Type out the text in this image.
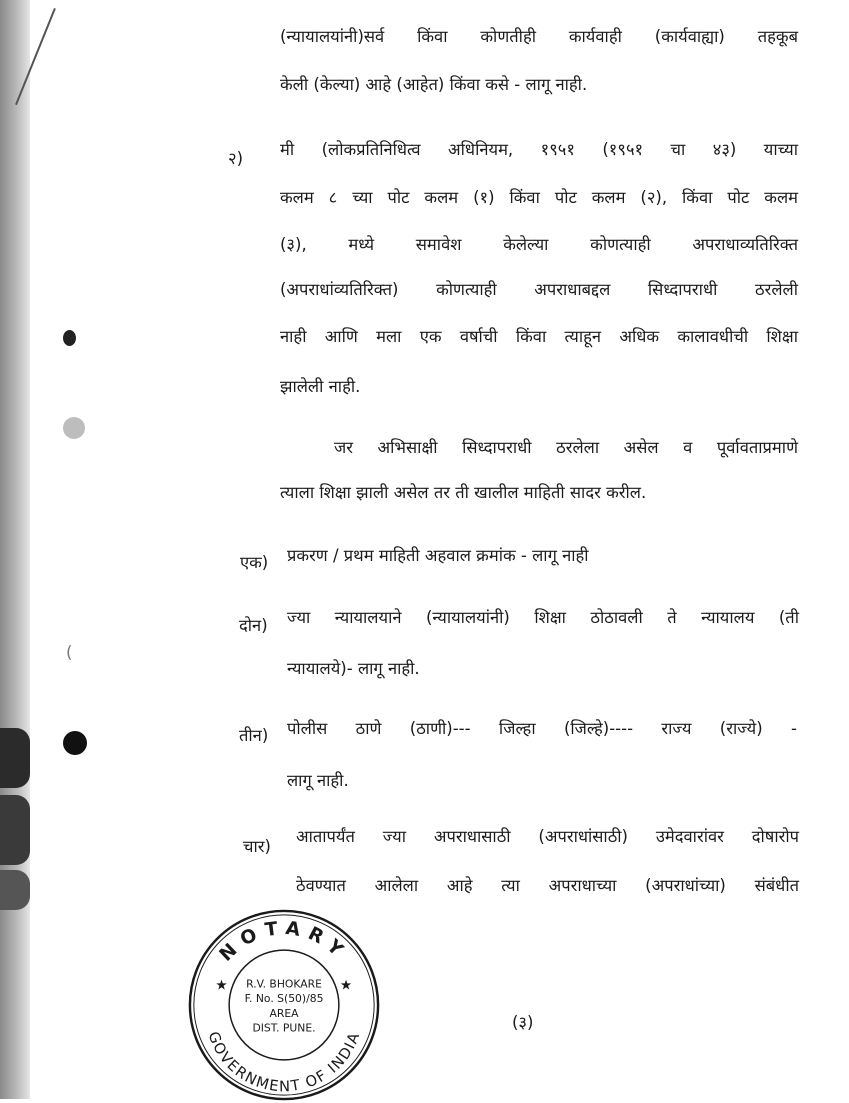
(
(न्यायालयांनी)सर्व किंवा कोणतीही कार्यवाही (कार्यवाह्या) तहकूब
केली (केल्या) आहे (आहेत) किंवा कसे - लागू नाही.
२) मी (लोकप्रतिनिधित्व अधिनियम, १९५१ (१९५१ चा ४३) याच्या
कलम ८ च्या पोट कलम (१) किंवा पोट कलम (२), किंवा पोट कलम
(३), मध्ये समावेश केलेल्या कोणत्याही अपराधाव्यतिरिक्त
(अपराधांव्यतिरिक्त) कोणत्याही अपराधाबद्दल सिध्दापराधी ठरलेली
नाही आणि मला एक वर्षाची किंवा त्याहून अधिक कालावधीची शिक्षा
झालेली नाही.
जर अभिसाक्षी सिध्दापराधी ठरलेला असेल व पूर्वावताप्रमाणे
त्याला शिक्षा झाली असेल तर ती खालील माहिती सादर करील.
एक) प्रकरण / प्रथम माहिती अहवाल क्रमांक - लागू नाही
दोन) ज्या न्यायालयाने (न्यायालयांनी) शिक्षा ठोठावली ते न्यायालय (ती
न्यायालये)- लागू नाही.
तीन) पोलीस ठाणे (ठाणी)--- जिल्हा (जिल्हे)---- राज्य (राज्ये) -
लागू नाही.
चार)
आतापर्यंत ज्या अपराधासाठी (अपराधांसाठी) उमेदवारांवर दोषारोप
ठेवण्यात आलेला आहे त्या अपराधाच्या (अपराधांच्या) संबंधीत
(३)
NOTARY
GOVERNMENT OF INDIA
★	★
R.V. BHOKARE
F. No. S(50)/85
AREA
DIST. PUNE.
